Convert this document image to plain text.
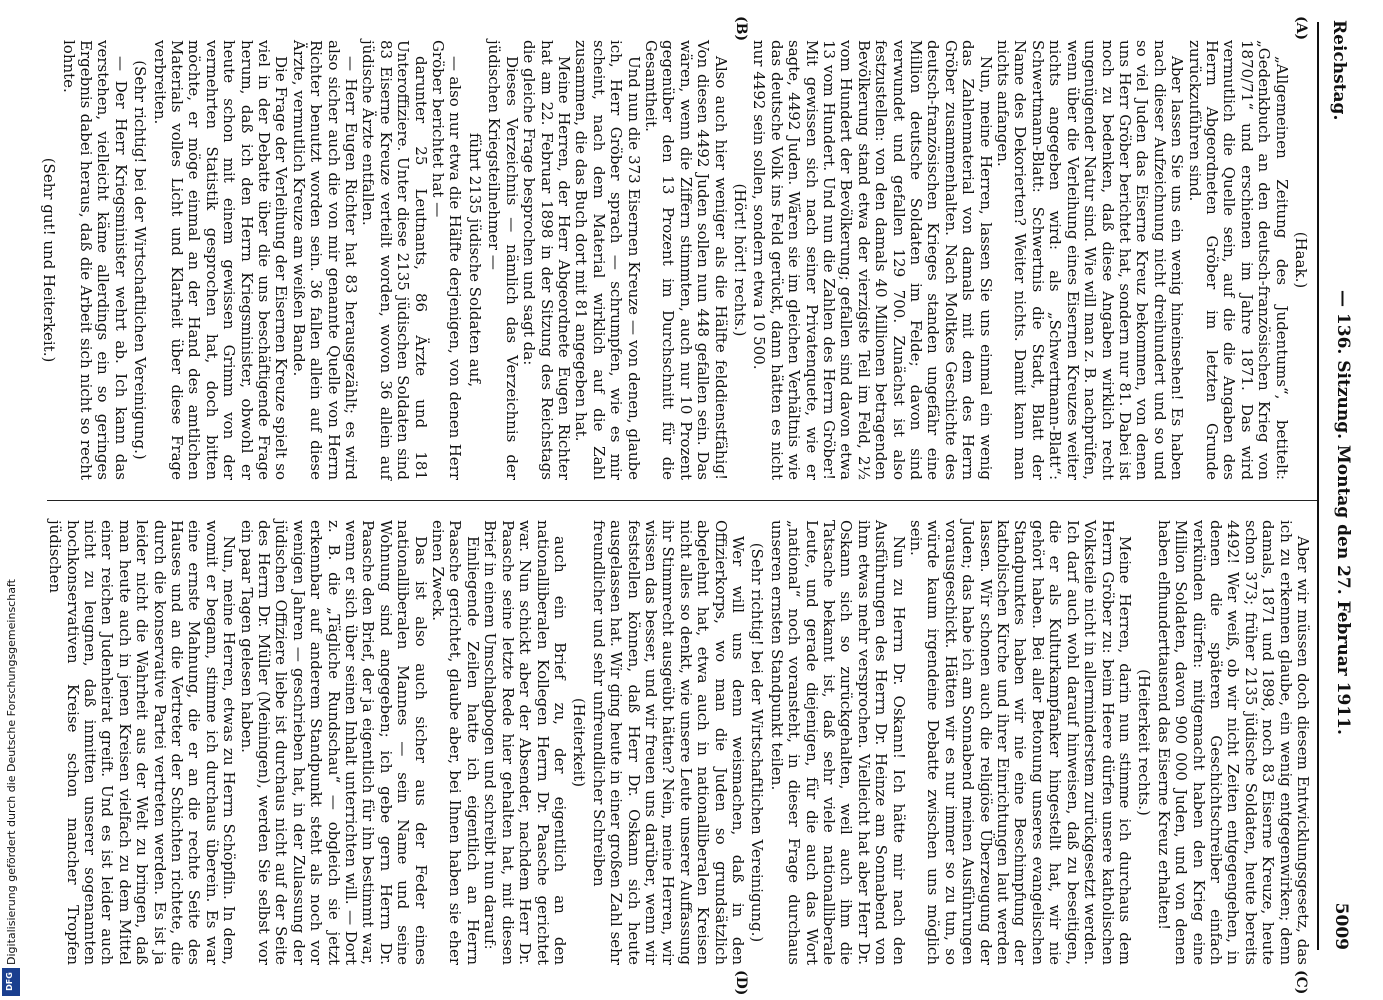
Reichstag.
— 136. Sitzung. Montag den 27. Februar 1911.
5009
(A)
(B)
(C)
(D)

(Haak.)

„Allgemeinen Zeitung des Judentums“, betitelt: „Gedenkbuch an den deutsch-französischen Krieg von 1870/71“ und erschienen im Jahre 1871. Das wird vermutlich die Quelle sein, auf die die Angaben des Herrn Abgeordneten Gröber im letzten Grunde zurückzuführen sind.

Aber lassen Sie uns ein wenig hineinsehen! Es haben nach dieser Aufzeichnung nicht dreihundert und so und so viel Juden das Eiserne Kreuz bekommen, von denen uns Herr Gröber berichtet hat, sondern nur 81. Dabei ist noch zu bedenken, daß diese Angaben wirklich recht ungenügender Natur sind. Wie will man z. B. nachprüfen, wenn über die Verleihung eines Eisernen Kreuzes weiter nichts angegeben wird: als „Schwertmann-Blatt“: Schwertmann-Blatt: Schwertnis die Stadt, Blatt der Name des Dekorierten? Weiter nichts. Damit kann man nichts anfangen.

Nun, meine Herren, lassen Sie uns einmal ein wenig das Zahlenmaterial von damals mit dem des Herrn Gröber zusammenhalten. Nach Moltkes Geschichte des deutsch-französischen Krieges standen ungefähr eine Million deutsche Soldaten im Felde; davon sind verwundet und gefallen 129 700. Zunächst ist also festzustellen: von den damals 40 Millionen betragenden Bevölkerung stand etwa der vierzigste Teil im Feld, 2½ vom Hundert der Bevölkerung; gefallen sind davon etwa 13 vom Hundert. Und nun die Zahlen des Herrn Gröber! Mit gewissen sich nach seiner Privatenquete, wie er sagte, 4492 Juden. Wären sie im gleichen Verhältnis wie das deutsche Volk ins Feld gerückt, dann hätten es nicht nur 4492 sein sollen, sondern etwa 10 500.

(Hört! hört! rechts.)

Also auch hier weniger als die Hälfte felddienstfähig! Von diesen 4492 Juden sollen nun 448 gefallen sein. Das wären, wenn die Ziffern stimmten, auch nur 10 Prozent gegenüber den 13 Prozent im Durchschnitt für die Gesamtheit.

Und nun die 373 Eisernen Kreuze — von denen, glaube ich, Herr Gröber sprach — schrumpfen, wie es mir scheint, nach dem Material wirklich auf die Zahl zusammen, die das Buch dort mit 81 angegeben hat.

Meine Herren, der Herr Abgeordnete Eugen Richter hat am 22. Februar 1898 in der Sitzung des Reichstags die gleiche Frage besprochen und sagt da:

Dieses Verzeichnis — nämlich das Verzeichnis der jüdischen Kriegsteilnehmer —

führt 2135 jüdische Soldaten auf,

— also nur etwa die Hälfte derjenigen, von denen Herr Gröber berichtet hat —

darunter 25 Leutnants, 86 Ärzte und 181 Unteroffiziere. Unter diese 2135 jüdischen Soldaten sind 83 Eiserne Kreuze verteilt worden, wovon 36 allein auf jüdische Ärzte entfallen.

— Herr Eugen Richter hat 83 herausgezählt; es wird also sicher auch die von mir genannte Quelle von Herrn Richter benutzt worden sein. 36 fallen allein auf diese Ärzte, vermutlich Kreuze am weißen Bande.

Die Frage der Verleihung der Eisernen Kreuze spielt so viel in der Debatte über die uns beschäftigende Frage herum, daß ich den Herrn Kriegsminister, obwohl er heute schon mit einem gewissen Grimm von der vermehrten Statistik gesprochen hat, doch bitten möchte, er möge einmal an der Hand des amtlichen Materials volles Licht und Klarheit über diese Frage verbreiten.

(Sehr richtig! bei der Wirtschaftlichen Vereinigung.)

— Der Herr Kriegsminister wehrt ab. Ich kann das verstehen, vielleicht käme allerdings ein so geringes Ergebnis dabei heraus, daß die Arbeit sich nicht so recht lohnte.

(Sehr gut! und Heiterkeit.)

Aber wir müssen doch diesem Entwicklungsgesetz, das ich zu erkennen glaube, ein wenig entgegenwirken; denn damals, 1871 und 1898, noch 83 Eiserne Kreuze, heute schon 373; früher 2135 jüdische Soldaten, heute bereits 4492! Wer weiß, ob wir nicht Zeiten entgegengehen, in denen die späteren Geschichtschreiber einfach verkünden dürfen: mitgemacht haben den Krieg eine Million Soldaten, davon 900 000 Juden, und von denen haben elfhunderttausend das Eiserne Kreuz erhalten!

(Heiterkeit rechts.)

Meine Herren, darin nun stimme ich durchaus dem Herrn Gröber zu: beim Heere dürfen unsere katholischen Volksteile nicht in allerminderstem zurückgesetzt werden. Ich darf auch wohl darauf hinweisen, daß zu beseitigen, die er als Kulturkampfanker hingestellt hat, wir nie gehört haben. Bei aller Betonung unseres evangelischen Standpunktes haben wir nie eine Beschimpfung der katholischen Kirche und ihrer Einrichtungen laut werden lassen. Wir schonen auch die religiöse Überzeugung der Juden; das habe ich am Sonnabend meinen Ausführungen vorausgeschickt. Hätten wir es nur immer so zu tun, so würde kaum irgendeine Debatte zwischen uns möglich sein.

Nun zu Herrn Dr. Oskann! Ich hätte mir nach den Ausführungen des Herrn Dr. Heinze am Sonnabend von ihm etwas mehr versprochen. Vielleicht hat aber Herr Dr. Oskann sich so zurückgehalten, weil auch ihm die Tatsache bekannt ist, daß sehr viele nationalliberale Leute, und gerade diejenigen, für die auch das Wort „national“ noch voransteht, in dieser Frage durchaus unseren ernsten Standpunkt teilen.

(Sehr richtig! bei der Wirtschaftlichen Vereinigung.)

Wer will uns denn weismachen, daß in den Offizierkorps, wo man die Juden so grundsätzlich abgelehnt hat, etwa auch in nationalliberalen Kreisen nicht alles so denkt, wie unsere Leute unserer Auffassung ihr Stimmrecht ausgeübt hätten? Nein, meine Herren, wir wissen das besser, und wir freuen uns darüber, wenn wir feststellen können, daß Herr Dr. Oskann sich heute ausgelassen hat. Wir ging heute in einer großen Zahl sehr freundlicher und sehr unfreundlicher Schreiben

(Heiterkeit)

auch ein Brief zu, der eigentlich an den nationalliberalen Kollegen Herrn Dr. Paasche gerichtet war. Nun schickt aber der Absender, nachdem Herr Dr. Paasche seine letzte Rede hier gehalten hat, mit diesen Brief in einem Umschlagbogen und schreibt nun darauf:

Einliegende Zeilen hatte ich eigentlich an Herrn Paasche gerichtet, glaube aber, bei Ihnen haben sie eher einen Zweck.

Das ist also auch sicher aus der Feder eines nationalliberalen Mannes — sein Name und seine Wohnung sind angegeben; ich gebe gern Herrn Dr. Paasche den Brief, der ja eigentlich für ihn bestimmt war, wenn er sich über seinen Inhalt unterrichten will. — Dort z. B. die „Tägliche Rundschau“ — obgleich sie jetzt erkennbar auf anderem Standpunkt steht als noch vor wenigen Jahren — geschrieben hat, in der Zulassung der jüdischen Offiziere liebe ist durchaus nicht auf der Seite des Herrn Dr. Müller (Meiningen), werden Sie selbst vor ein paar Tagen gelesen haben.

Nun, meine Herren, etwas zu Herrn Schöpflin. In dem, womit er begann, stimme ich durchaus überein. Es war eine ernste Mahnung, die er an die rechte Seite des Hauses und an die Vertreter der Schichten richtete, die durch die konservative Partei vertreten werden. Es ist ja leider nicht die Wahrheit aus der Welt zu bringen, daß man heute auch in jenen Kreisen vielfach zu dem Mittel einer reichen Judenheirat greift. Und es ist leider auch nicht zu leugnen, daß inmitten unserer sogenannten hochkonservativen Kreise schon mancher Tropfen jüdischen

Digitalisierung gefördert durch die Deutsche Forschungsgemeinschaft
DFG
